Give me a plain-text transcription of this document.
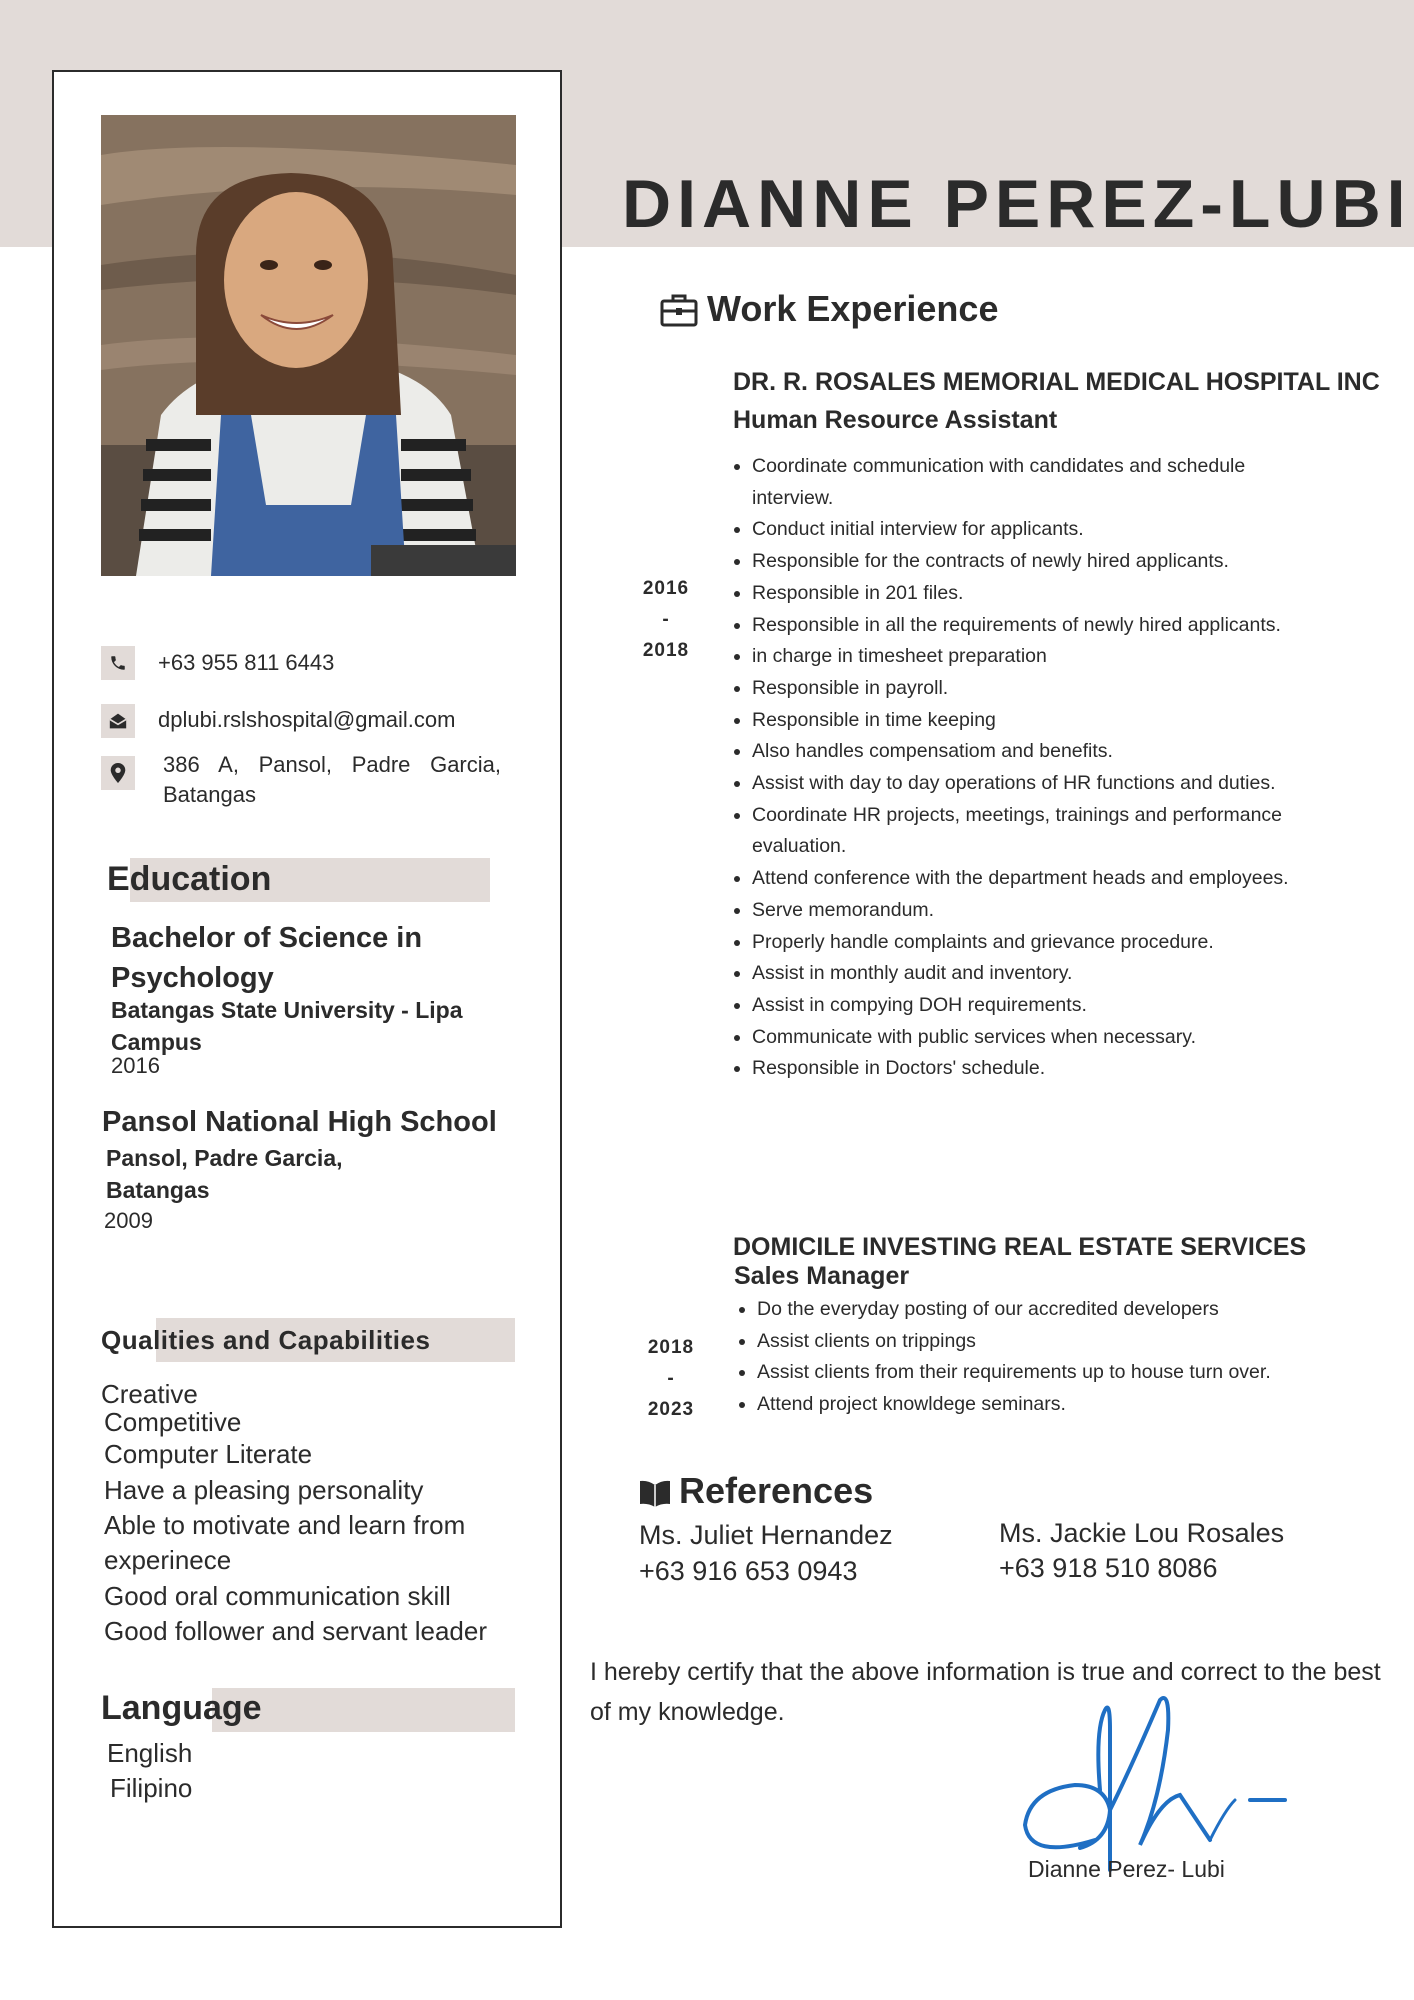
+63 955 811 6443
dplubi.rslshospital@gmail.com
386 A, Pansol, Padre Garcia, Batangas
Education
Bachelor of Science in Psychology
Batangas State University - Lipa Campus
2016
Pansol National High School
Pansol, Padre Garcia, Batangas
2009
Qualities and Capabilities
Creative
Competitive
Computer Literate
Have a pleasing personality
Able to motivate and learn from
experinece
Good oral communication skill
Good follower and servant leader
Language
English
Filipino
DIANNE PEREZ-LUBI
Work Experience
DR. R. ROSALES MEMORIAL MEDICAL HOSPITAL INC
Human Resource Assistant
2016
-
2018
• Coordinate communication with candidates and schedule interview.
• Conduct initial interview for applicants.
• Responsible for the contracts of newly hired applicants.
• Responsible in 201 files.
• Responsible in all the requirements of newly hired applicants.
• in charge in timesheet preparation
• Responsible in payroll.
• Responsible in time keeping
• Also handles compensatiom and benefits.
• Assist with day to day operations of HR functions and duties.
• Coordinate HR projects, meetings, trainings and performance evaluation.
• Attend conference with the department heads and employees.
• Serve memorandum.
• Properly handle complaints and grievance procedure.
• Assist in monthly audit and inventory.
• Assist in compying DOH requirements.
• Communicate with public services when necessary.
• Responsible in Doctors' schedule.
DOMICILE INVESTING REAL ESTATE SERVICES
Sales Manager
2018
-
2023
• Do the everyday posting of our accredited developers
• Assist clients on trippings
• Assist clients from their requirements up to house turn over.
• Attend project knowldege seminars.
References
Ms. Juliet Hernandez
+63 916 653 0943
Ms. Jackie Lou Rosales
+63 918 510 8086
I hereby certify that the above information is true and correct to the best of my knowledge.
Dianne Perez- Lubi
